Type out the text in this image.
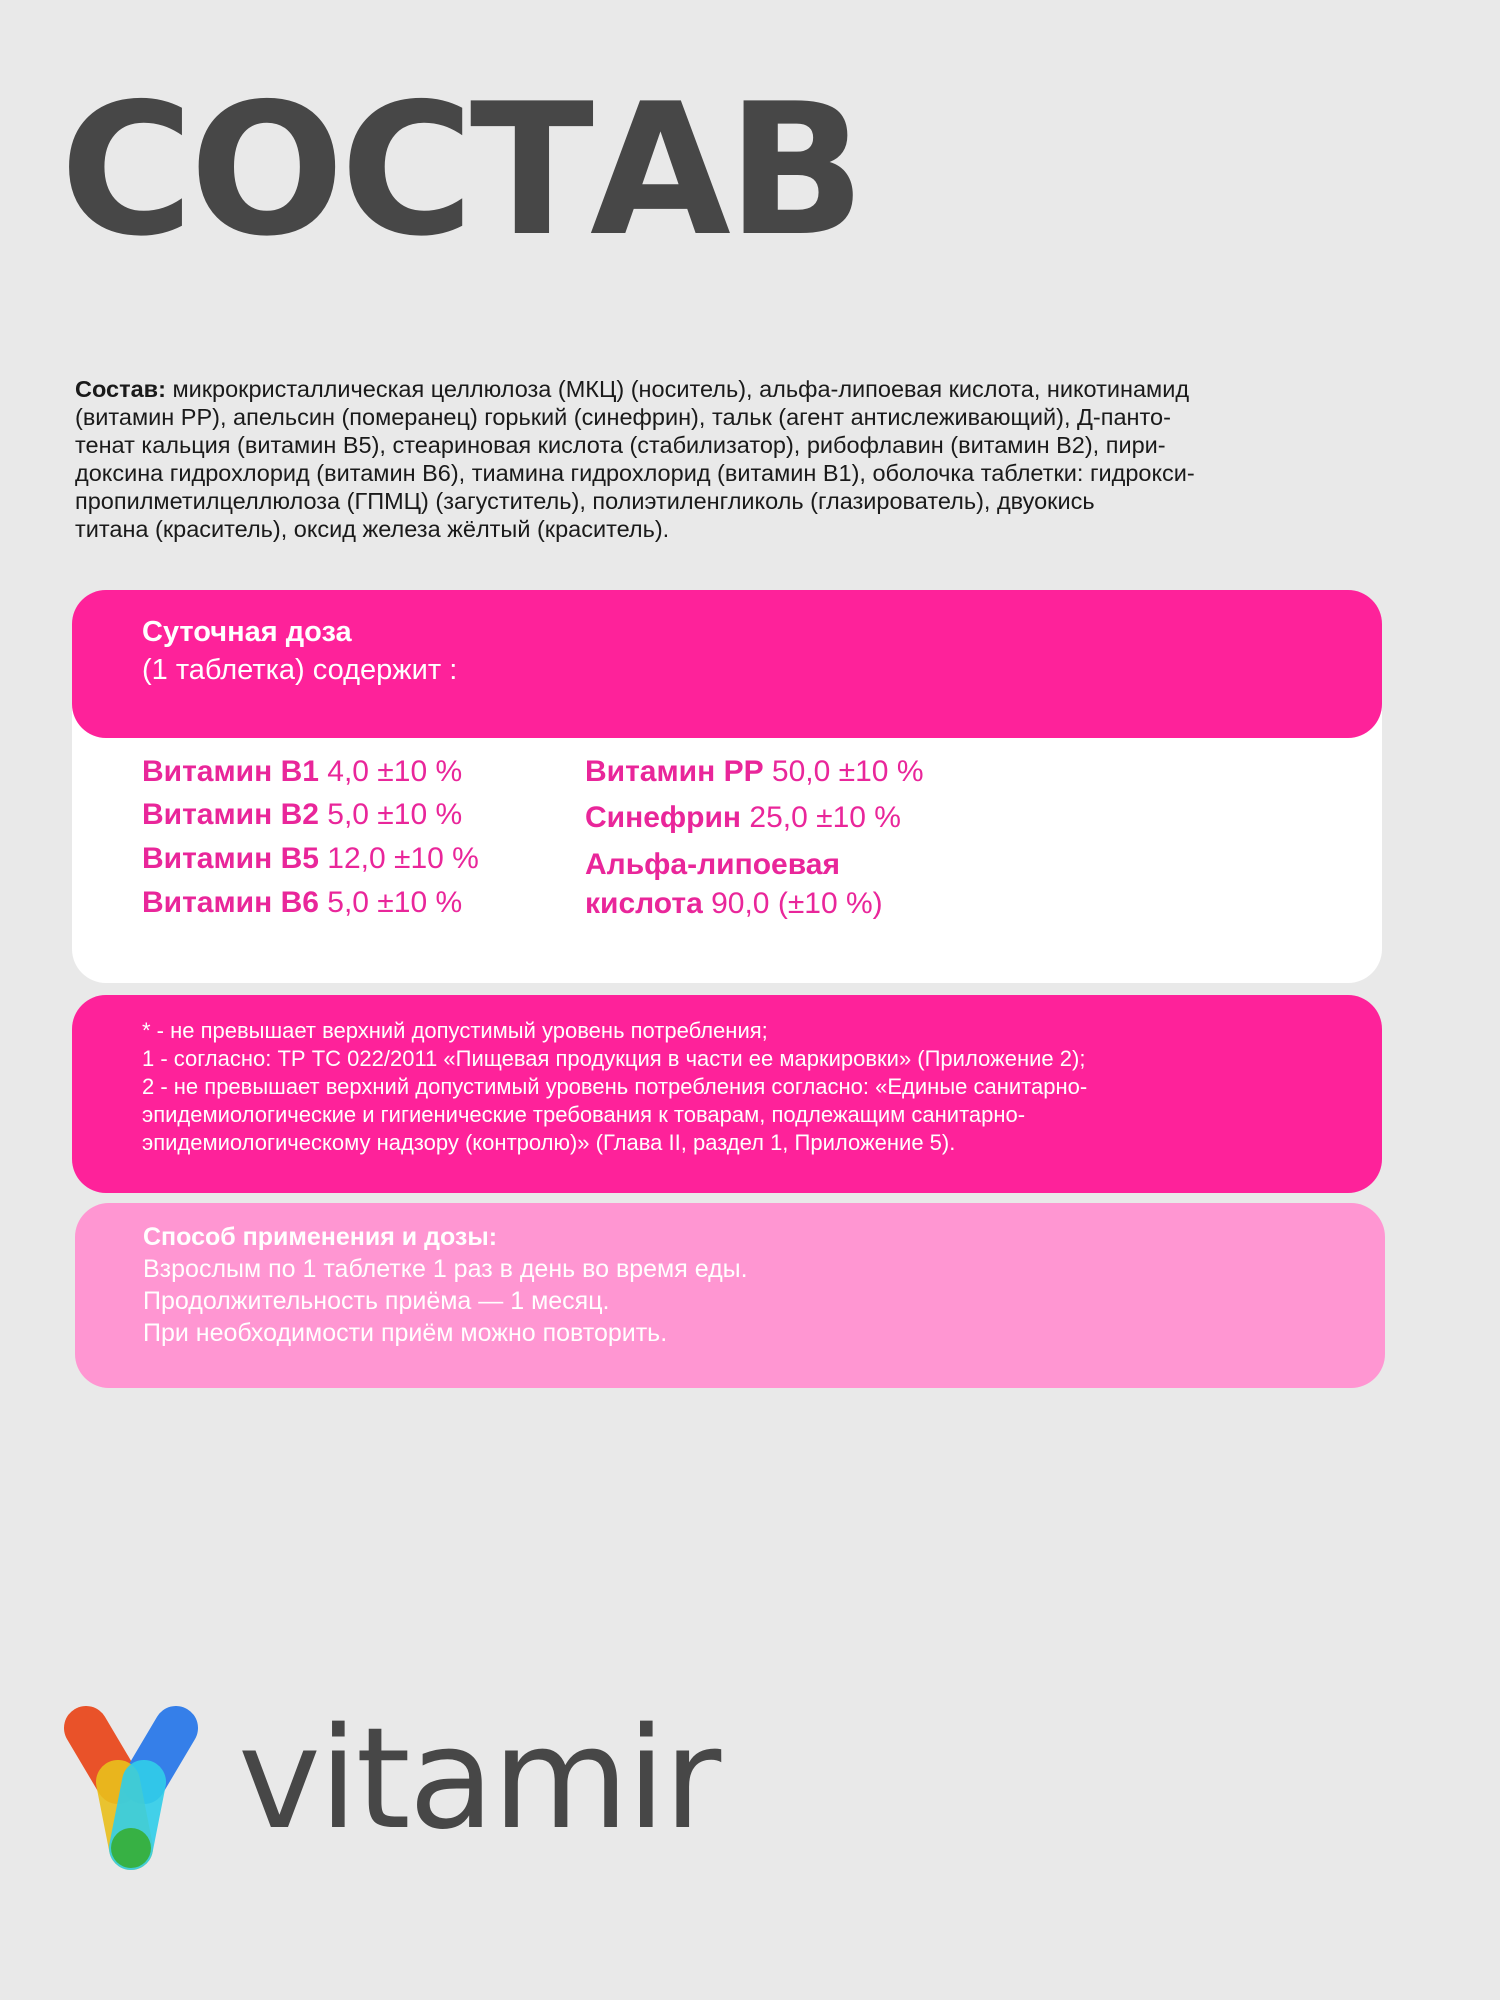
СОСТАВ

Состав: микрокристаллическая целлюлоза (МКЦ) (носитель), альфа-липоевая кислота, никотинамид
(витамин PP), апельсин (померанец) горький (синефрин), тальк (агент антислеживающий), Д-панто-
тенат кальция (витамин В5), стеариновая кислота (стабилизатор), рибофлавин (витамин В2), пири-
доксина гидрохлорид (витамин В6), тиамина гидрохлорид (витамин В1), оболочка таблетки: гидрокси-
пропилметилцеллюлоза (ГПМЦ) (загуститель), полиэтиленгликоль (глазирователь), двуокись
титана (краситель), оксид железа жёлтый (краситель).

Витамин В1 4,0 ±10 %
Витамин В2 5,0 ±10 %
Витамин В5 12,0 ±10 %
Витамин В6 5,0 ±10 %
Витамин РР 50,0 ±10 %
Синефрин 25,0 ±10 %
Альфа-липоевая
кислота 90,0 (±10 %)
Суточная доза
(1 таблетка) содержит :
* - не превышает верхний допустимый уровень потребления;
1 - согласно: ТР ТС 022/2011 «Пищевая продукция в части ее маркировки» (Приложение 2);
2 - не превышает верхний допустимый уровень потребления согласно: «Единые санитарно-
эпидемиологические и гигиенические требования к товарам, подлежащим санитарно-
эпидемиологическому надзору (контролю)» (Глава II, раздел 1, Приложение 5).
Способ применения и дозы:
Взрослым по 1 таблетке 1 раз в день во время еды.
Продолжительность приёма — 1 месяц.
При необходимости приём можно повторить.
vitamir
